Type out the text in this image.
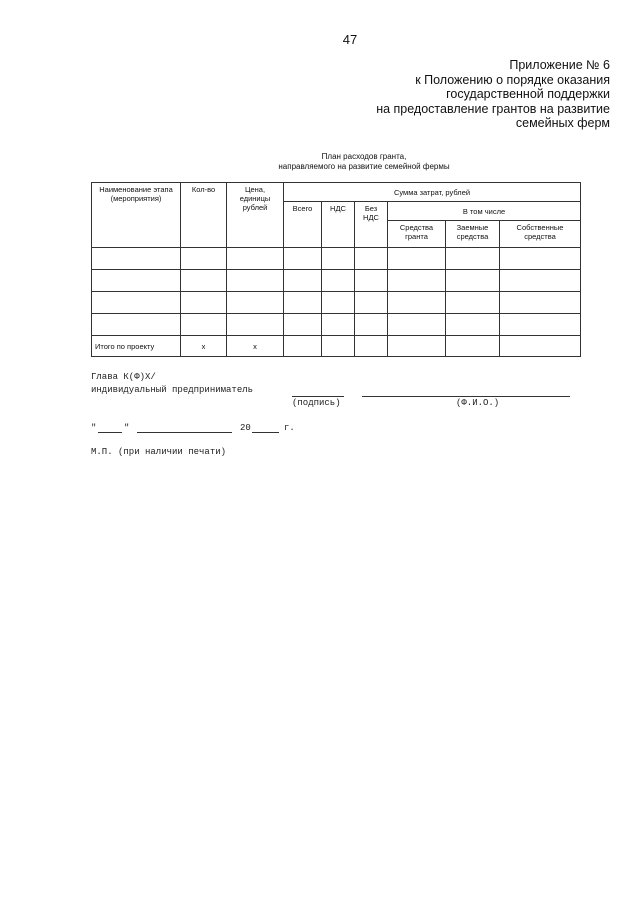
47
Приложение № 6
к Положению о порядке оказания
государственной поддержки
на предоставление грантов на развитие
семейных ферм
План расходов гранта,
направляемого на развитие семейной фермы
Наименование этапа (мероприятия)	Кол-во	Цена, единицы рублей	Сумма затрат, рублей					
			Всего	НДС	Без НДС	В том числе		
						Средства гранта	Заемные средства	Собственные средства

Итого по проекту	х	х						
Глава К(Ф)Х/
индивидуальный предприниматель
(подпись)	(Ф.И.О.)
"	"	20	г.
М.П. (при наличии печати)
